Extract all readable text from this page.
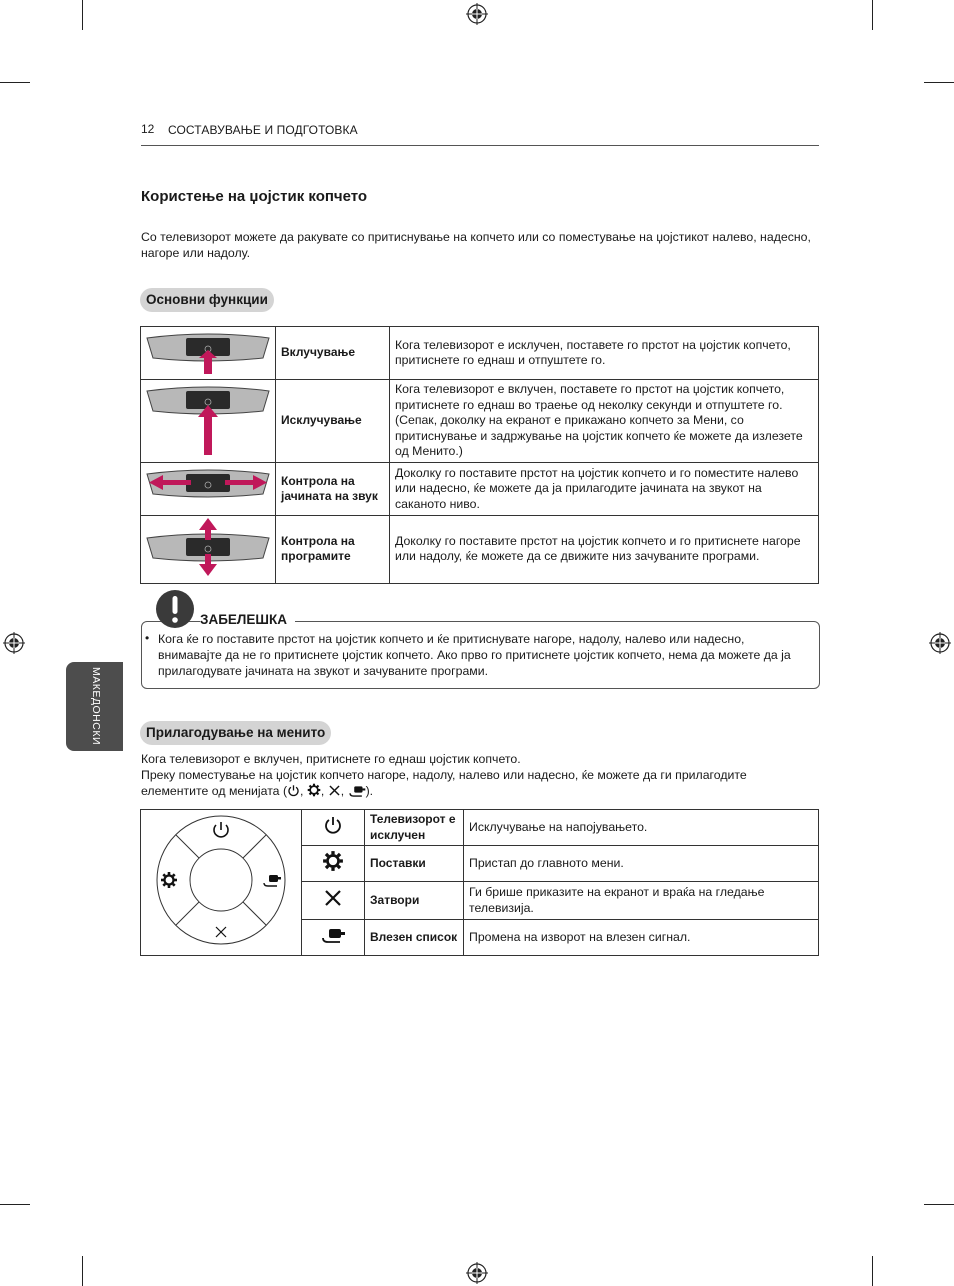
12 СОСТАВУВАЊЕ И ПОДГОТОВКА
Користење на џојстик копчето
Со телевизорот можете да ракувате со притиснување на копчето или со поместување на џојстикот налево, надесно, нагоре или надолу.
Основни функции
	Вклучување	Кога телевизорот е исклучен, поставете го прстот на џојстик копчето, притиснете го еднаш и отпуштете го.
	Исклучување	Кога телевизорот е вклучен, поставете го прстот на џојстик копчето, притиснете го еднаш во траење од неколку секунди и отпуштете го. (Сепак, доколку на екранот е прикажано копчето за Мени, со притиснување и задржување на џојстик копчето ќе можете да излезете од Менито.)
	Контрола на јачината на звук	Доколку го поставите прстот на џојстик копчето и го поместите налево или надесно, ќе можете да ја прилагодите јачината на звукот на саканото ниво.
	Контрола на програмите	Доколку го поставите прстот на џојстик копчето и го притиснете нагоре или надолу, ќе можете да се движите низ зачуваните програми.
ЗАБЕЛЕШКА
• Кога ќе го поставите прстот на џојстик копчето и ќе притиснувате нагоре, надолу, налево или надесно, внимавајте да не го притиснете џојстик копчето. Ако прво го притиснете џојстик копчето, нема да можете да ја прилагодувате јачината на звукот и зачуваните програми.
МАКЕДОНСКИ	Прилагодување на менито
Кога телевизорот е вклучен, притиснете го еднаш џојстик копчето.
Преку поместување на џојстик копчето нагоре, надолу, налево или надесно, ќе можете да ги прилагодите
елементите од менијата ( , , , ).
		Телевизорот е исклучен	Исклучување на напојувањето.
	Поставки	Пристап до главното мени.
	Затвори	Ги брише приказите на екранот и враќа на гледање телевизија.
	Влезен список	Промена на изворот на влезен сигнал.
